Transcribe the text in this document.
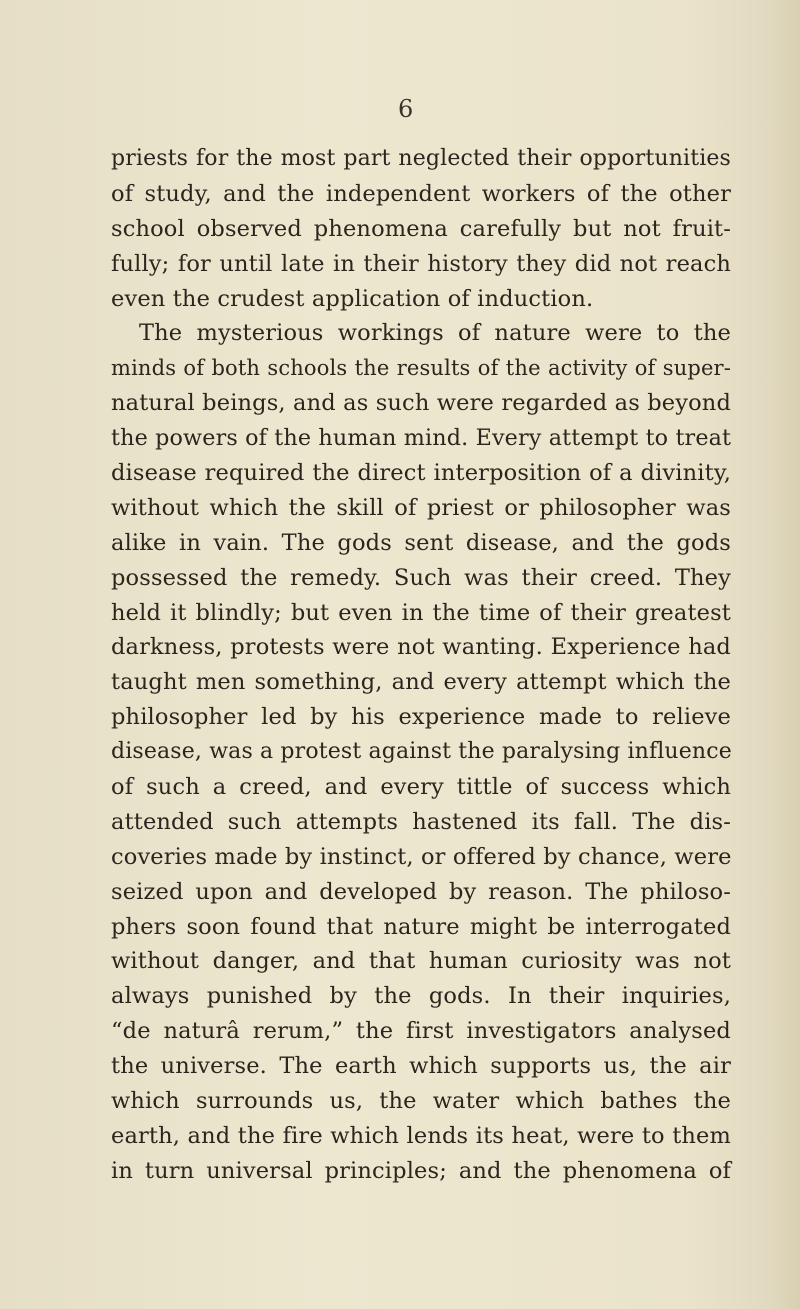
6
priests for the most part neglected their opportunities
of study, and the independent workers of the other
school observed phenomena carefully but not fruit-
fully; for until late in their history they did not reach
even the crudest application of induction.
The mysterious workings of nature were to the
minds of both schools the results of the activity of super-
natural beings, and as such were regarded as beyond
the powers of the human mind. Every attempt to treat
disease required the direct interposition of a divinity,
without which the skill of priest or philosopher was
alike in vain. The gods sent disease, and the gods
possessed the remedy. Such was their creed. They
held it blindly; but even in the time of their greatest
darkness, protests were not wanting. Experience had
taught men something, and every attempt which the
philosopher led by his experience made to relieve
disease, was a protest against the paralysing influence
of such a creed, and every tittle of success which
attended such attempts hastened its fall. The dis-
coveries made by instinct, or offered by chance, were
seized upon and developed by reason. The philoso-
phers soon found that nature might be interrogated
without danger, and that human curiosity was not
always punished by the gods. In their inquiries,
“de naturâ rerum,” the first investigators analysed
the universe. The earth which supports us, the air
which surrounds us, the water which bathes the
earth, and the fire which lends its heat, were to them
in turn universal principles; and the phenomena of
